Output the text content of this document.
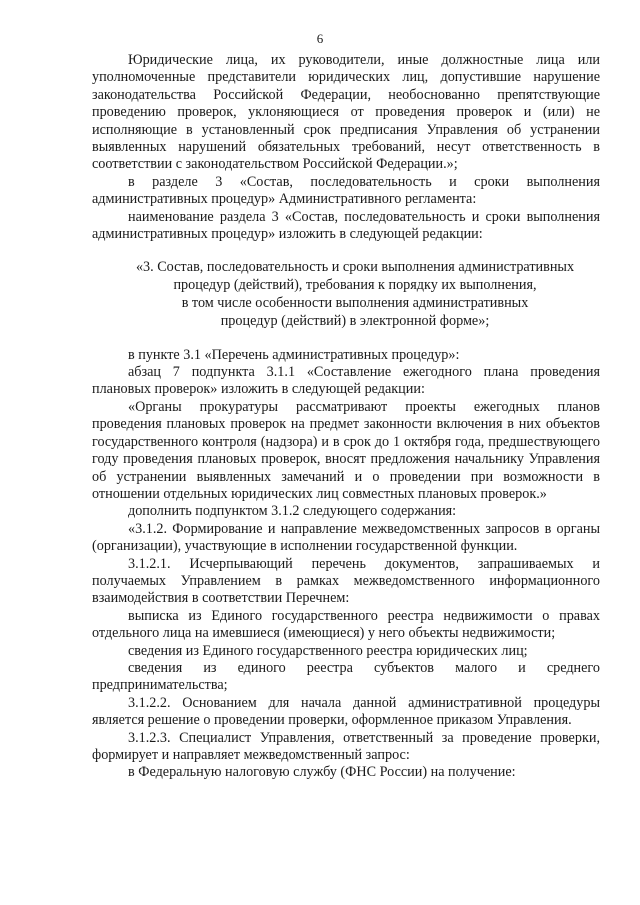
6

Юридические лица, их руководители, иные должностные лица или уполномоченные представители юридических лиц, допустившие нарушение законодательства Российской Федерации, необоснованно препятствующие проведению проверок, уклоняющиеся от проведения проверок и (или) не исполняющие в установленный срок предписания Управления об устранении выявленных нарушений обязательных требований, несут ответственность в соответствии с законодательством Российской Федерации.»;

в разделе 3 «Состав, последовательность и сроки выполнения административных процедур» Административного регламента:

наименование раздела 3 «Состав, последовательность и сроки выполнения административных процедур» изложить в следующей редакции:

«3. Состав, последовательность и сроки выполнения административных
процедур (действий), требования к порядку их выполнения,
в том числе особенности выполнения административных
процедур (действий) в электронной форме»;

в пункте 3.1 «Перечень административных процедур»:

абзац 7 подпункта 3.1.1 «Составление ежегодного плана проведения плановых проверок» изложить в следующей редакции:

«Органы прокуратуры рассматривают проекты ежегодных планов проведения плановых проверок на предмет законности включения в них объектов государственного контроля (надзора) и в срок до 1 октября года, предшествующего году проведения плановых проверок, вносят предложения начальнику Управления об устранении выявленных замечаний и о проведении при возможности в отношении отдельных юридических лиц совместных плановых проверок.»

дополнить подпунктом 3.1.2 следующего содержания:

«3.1.2. Формирование и направление межведомственных запросов в органы (организации), участвующие в исполнении государственной функции.

3.1.2.1. Исчерпывающий перечень документов, запрашиваемых и получаемых Управлением в рамках межведомственного информационного взаимодействия в соответствии Перечнем:

выписка из Единого государственного реестра недвижимости о правах отдельного лица на имевшиеся (имеющиеся) у него объекты недвижимости;

сведения из Единого государственного реестра юридических лиц;

сведения из единого реестра субъектов малого и среднего предпринимательства;

3.1.2.2. Основанием для начала данной административной процедуры является решение о проведении проверки, оформленное приказом Управления.

3.1.2.3. Специалист Управления, ответственный за проведение проверки, формирует и направляет межведомственный запрос:

в Федеральную налоговую службу (ФНС России) на получение:
